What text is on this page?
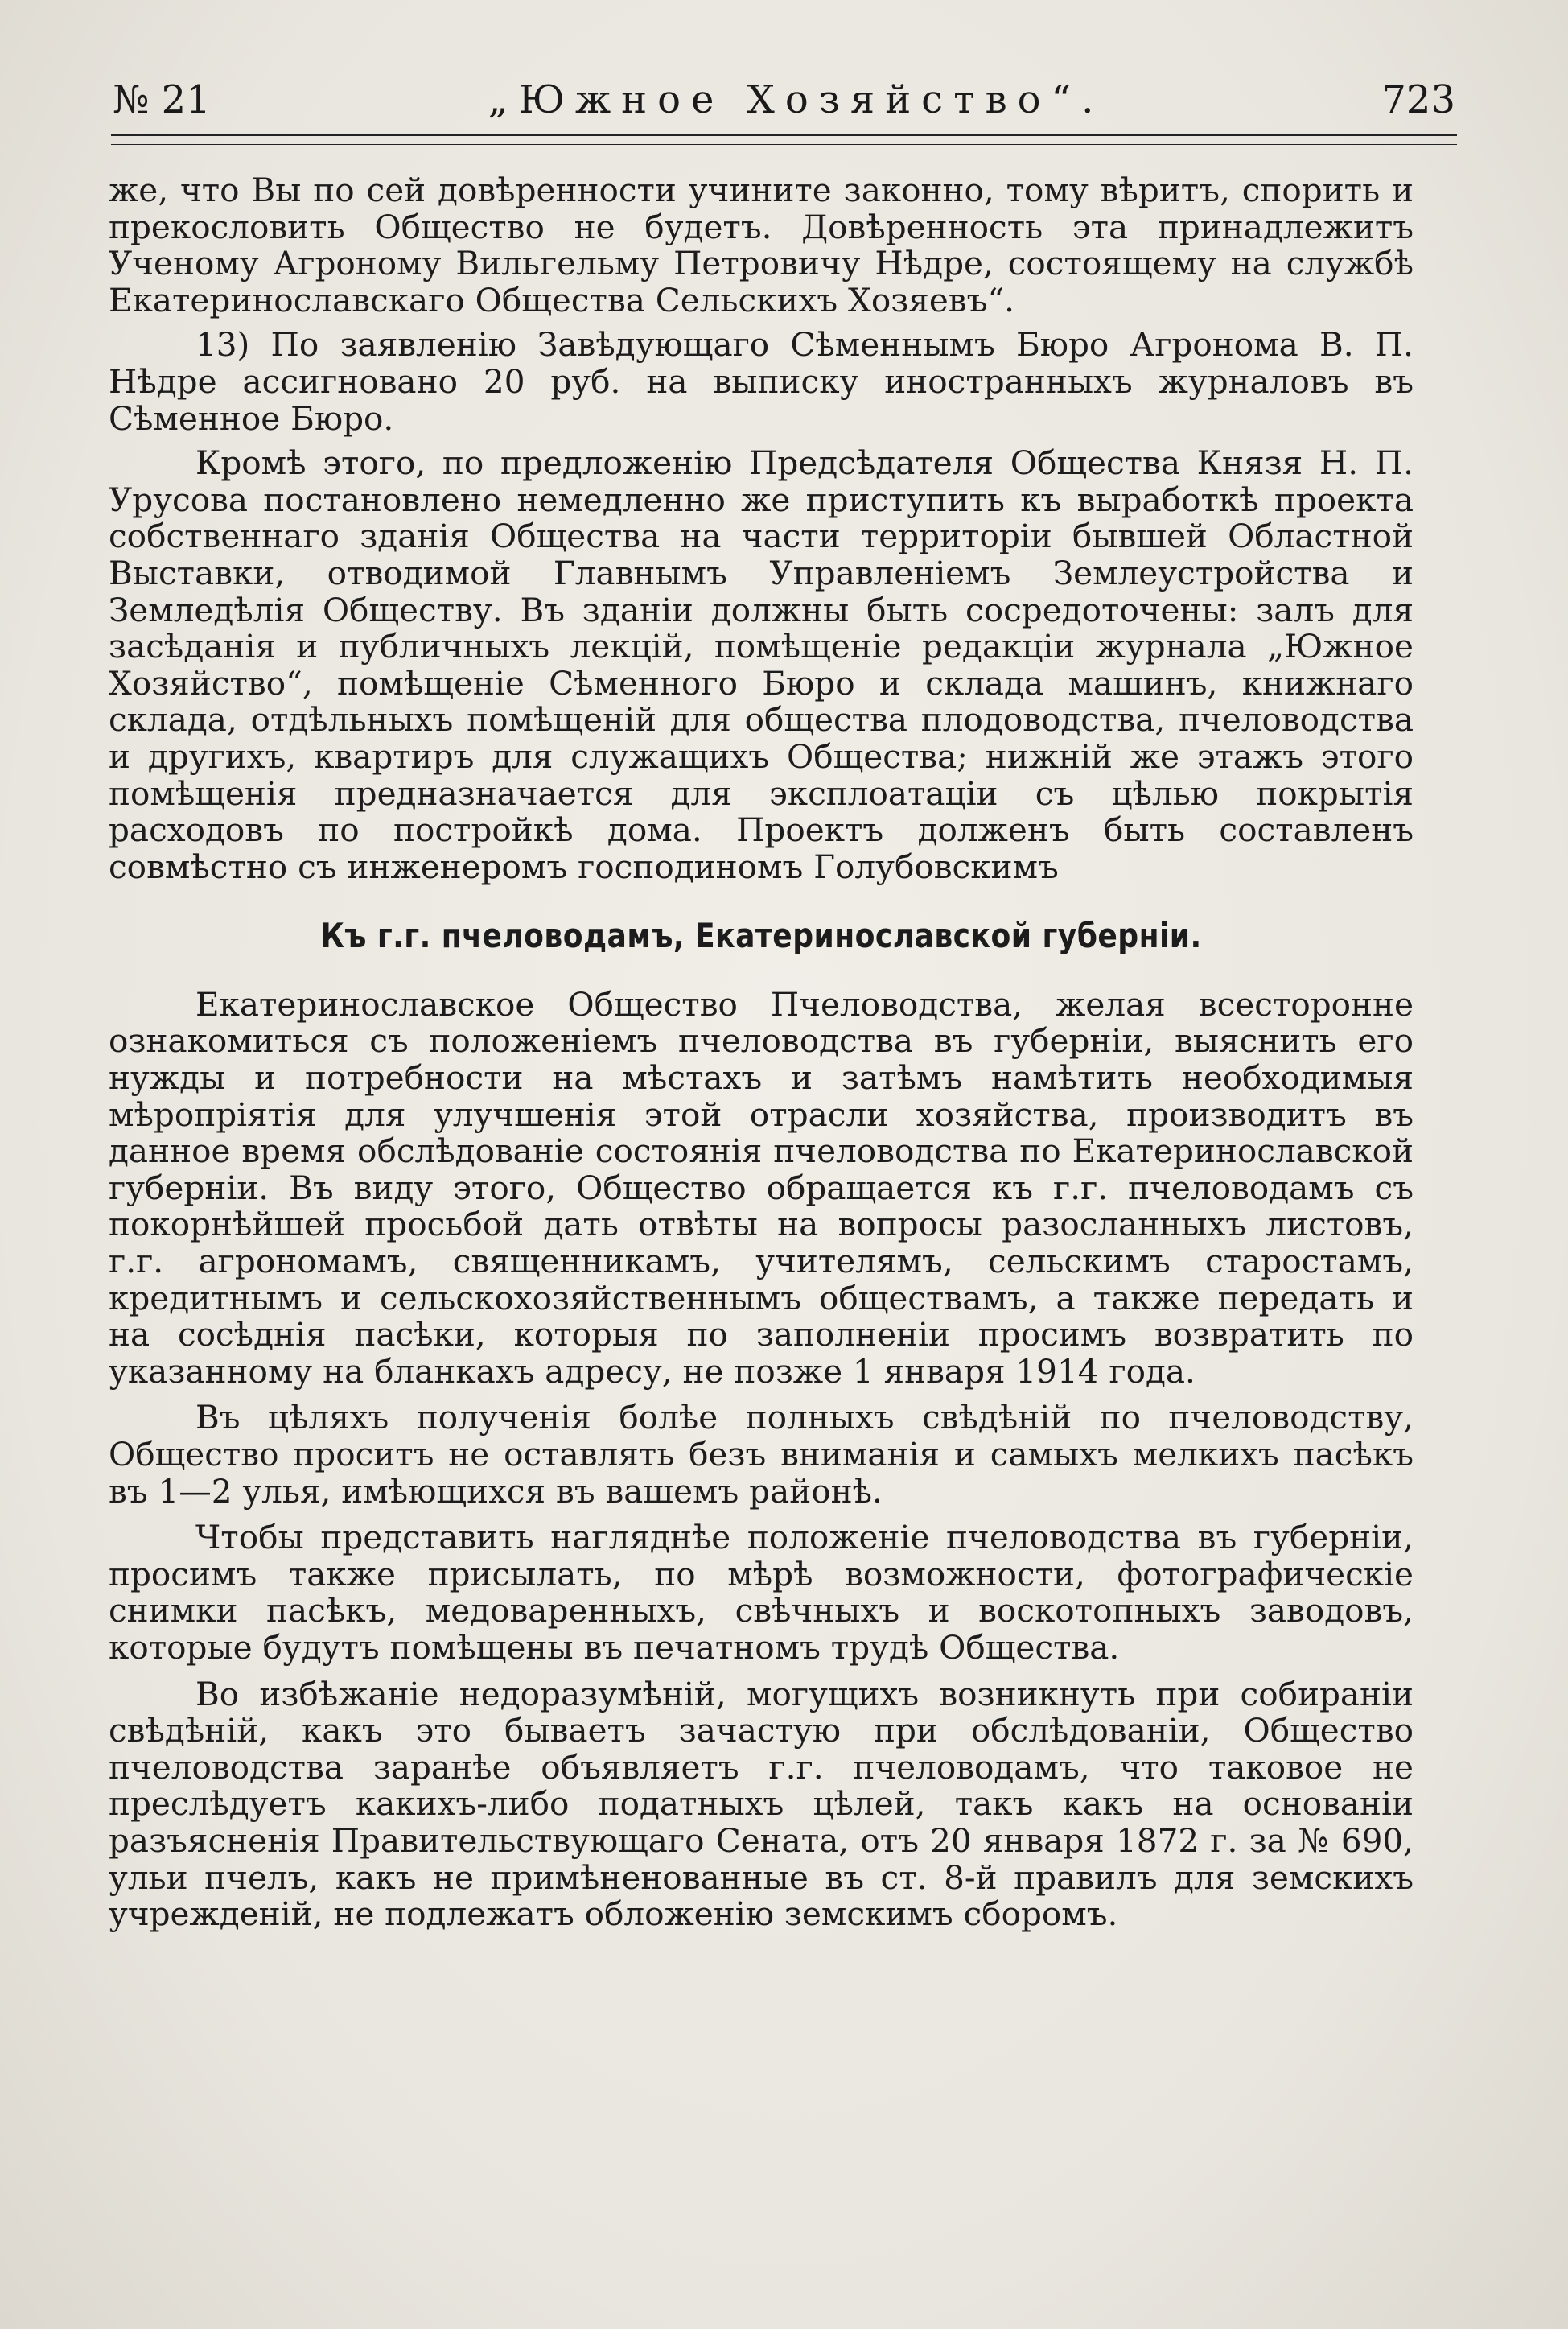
№ 21	„Южное Хозяйство“.	723

же, что Вы по сей довѣренности учините законно, тому вѣритъ, спорить и прекословить Общество не будетъ. Довѣренность эта принадлежитъ Ученому Агроному Вильгельму Петровичу Нѣдре, состоящему на службѣ Екатеринославскаго Общества Сельскихъ Хозяевъ“.

13) По заявленію Завѣдующаго Сѣменнымъ Бюро Агронома В. П. Нѣдре ассигновано 20 руб. на выписку иностранныхъ журналовъ въ Сѣменное Бюро.

Кромѣ этого, по предложенію Предсѣдателя Общества Князя Н. П. Урусова постановлено немедленно же приступить къ выработкѣ проекта собственнаго зданія Общества на части территоріи бывшей Областной Выставки, отводимой Главнымъ Управленіемъ Землеустройства и Земледѣлія Обществу. Въ зданіи должны быть сосредоточены: залъ для засѣданія и публичныхъ лекцій, помѣщеніе редакціи журнала „Южное Хозяйство“, помѣщеніе Сѣменного Бюро и склада машинъ, книжнаго склада, отдѣльныхъ помѣщеній для общества плодоводства, пчеловодства и другихъ, квартиръ для служащихъ Общества; нижній же этажъ этого помѣщенія предназначается для эксплоатаціи съ цѣлью покрытія расходовъ по постройкѣ дома. Проектъ долженъ быть составленъ совмѣстно съ инженеромъ господиномъ Голубовскимъ

Къ г.г. пчеловодамъ, Екатеринославской губерніи.

Екатеринославское Общество Пчеловодства, желая всесторонне ознакомиться съ положеніемъ пчеловодства въ губерніи, выяснить его нужды и потребности на мѣстахъ и затѣмъ намѣтить необходимыя мѣропріятія для улучшенія этой отрасли хозяйства, производитъ въ данное время обслѣдованіе состоянія пчеловодства по Екатеринославской губерніи. Въ виду этого, Общество обращается къ г.г. пчеловодамъ съ покорнѣйшей просьбой дать отвѣты на вопросы разосланныхъ листовъ, г.г. агрономамъ, священникамъ, учителямъ, сельскимъ старостамъ, кредитнымъ и сельскохозяйственнымъ обществамъ, а также передать и на сосѣднія пасѣки, которыя по заполненіи просимъ возвратить по указанному на бланкахъ адресу, не позже 1 января 1914 года.

Въ цѣляхъ полученія болѣе полныхъ свѣдѣній по пчеловодству, Общество проситъ не оставлять безъ вниманія и самыхъ мелкихъ пасѣкъ въ 1—2 улья, имѣющихся въ вашемъ районѣ.

Чтобы представить нагляднѣе положеніе пчеловодства въ губерніи, просимъ также присылать, по мѣрѣ возможности, фотографическіе снимки пасѣкъ, медоваренныхъ, свѣчныхъ и воскотопныхъ заводовъ, которые будутъ помѣщены въ печатномъ трудѣ Общества.

Во избѣжаніе недоразумѣній, могущихъ возникнуть при собираніи свѣдѣній, какъ это бываетъ зачастую при обслѣдованіи, Общество пчеловодства заранѣе объявляетъ г.г. пчеловодамъ, что таковое не преслѣдуетъ какихъ-либо податныхъ цѣлей, такъ какъ на основаніи разъясненія Правительствующаго Сената, отъ 20 января 1872 г. за № 690, ульи пчелъ, какъ не примѣненованные въ ст. 8-й правилъ для земскихъ учрежденій, не подлежатъ обложенію земскимъ сборомъ.
